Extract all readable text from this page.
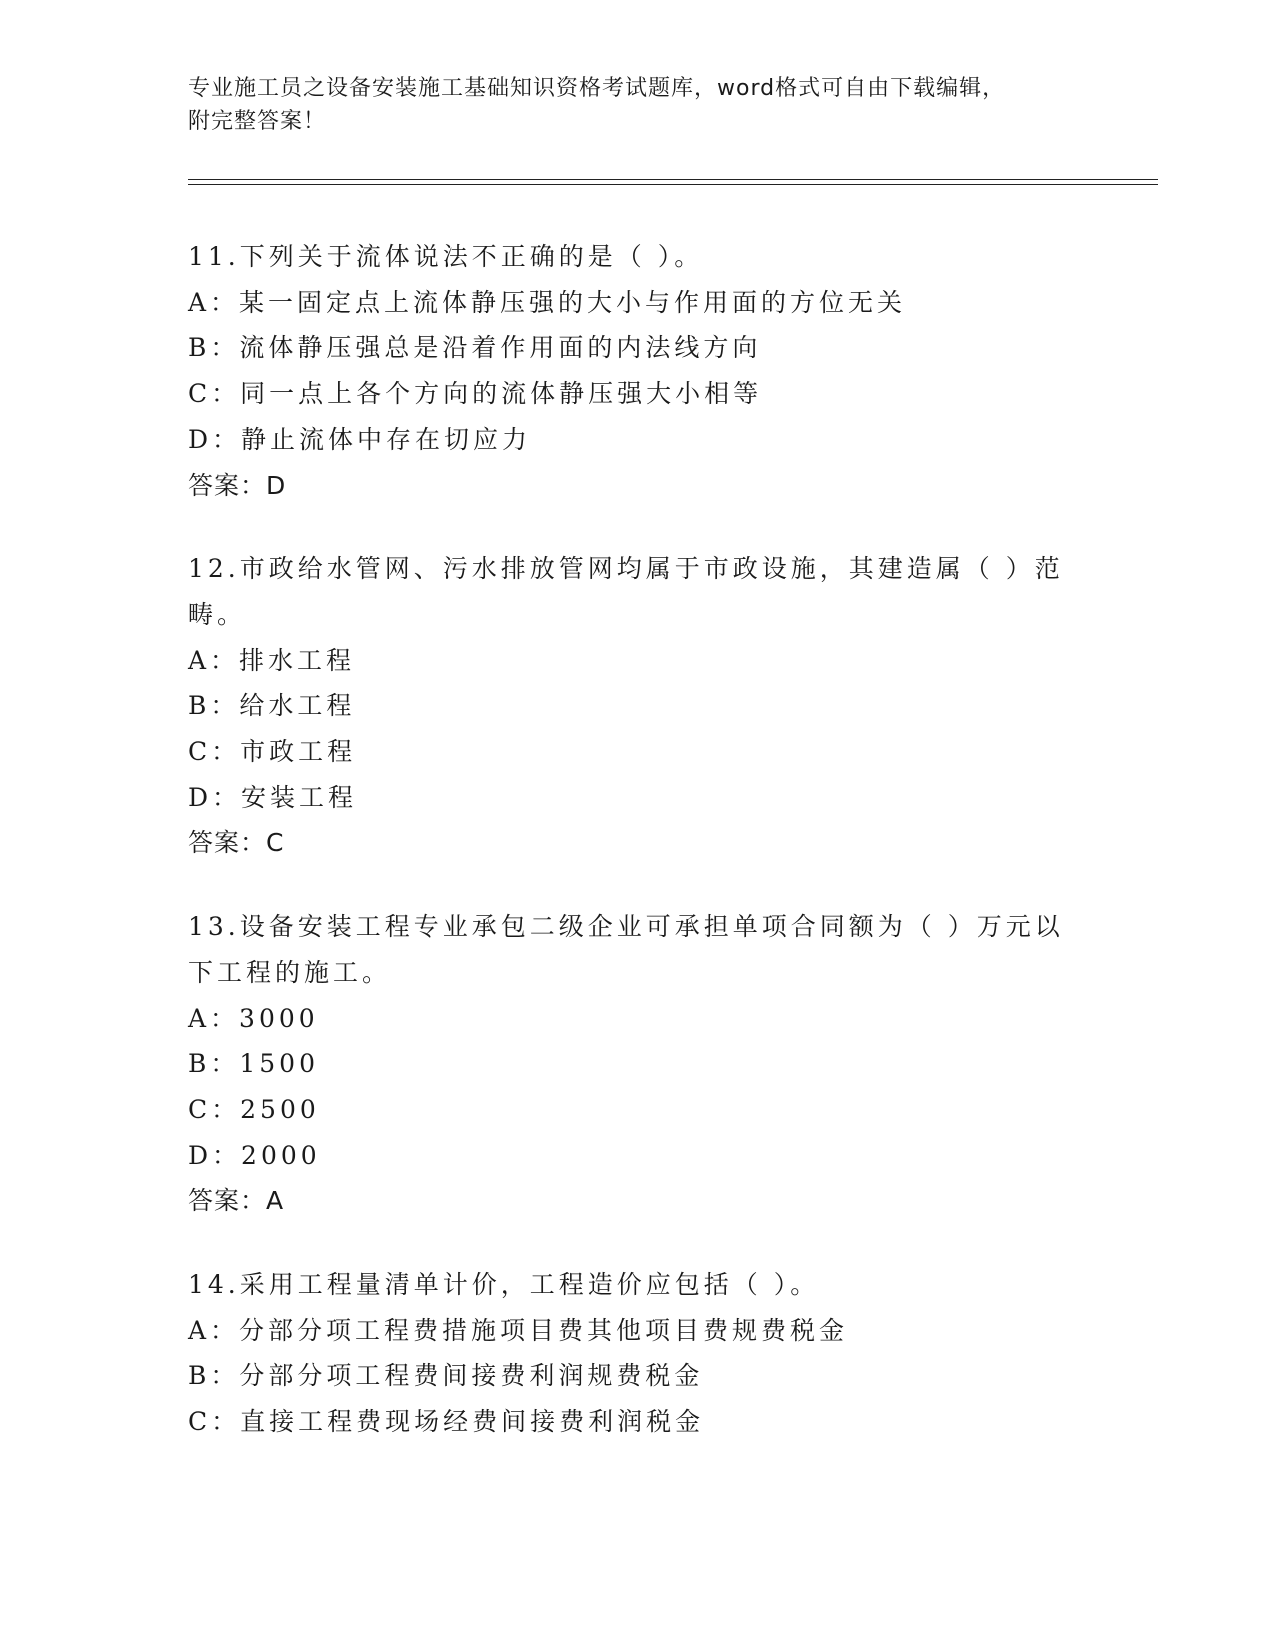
专业施工员之设备安装施工基础知识资格考试题库，word格式可自由下载编辑，
附完整答案！
11.下列关于流体说法不正确的是（ ）。
A：某一固定点上流体静压强的大小与作用面的方位无关
B：流体静压强总是沿着作用面的内法线方向
C：同一点上各个方向的流体静压强大小相等
D：静止流体中存在切应力
答案：D
12.市政给水管网、污水排放管网均属于市政设施，其建造属（ ）范
畴。
A：排水工程
B：给水工程
C：市政工程
D：安装工程
答案：C
13.设备安装工程专业承包二级企业可承担单项合同额为（ ）万元以
下工程的施工。
A：3000
B：1500
C：2500
D：2000
答案：A
14.采用工程量清单计价，工程造价应包括（ ）。
A：分部分项工程费措施项目费其他项目费规费税金
B：分部分项工程费间接费利润规费税金
C：直接工程费现场经费间接费利润税金
